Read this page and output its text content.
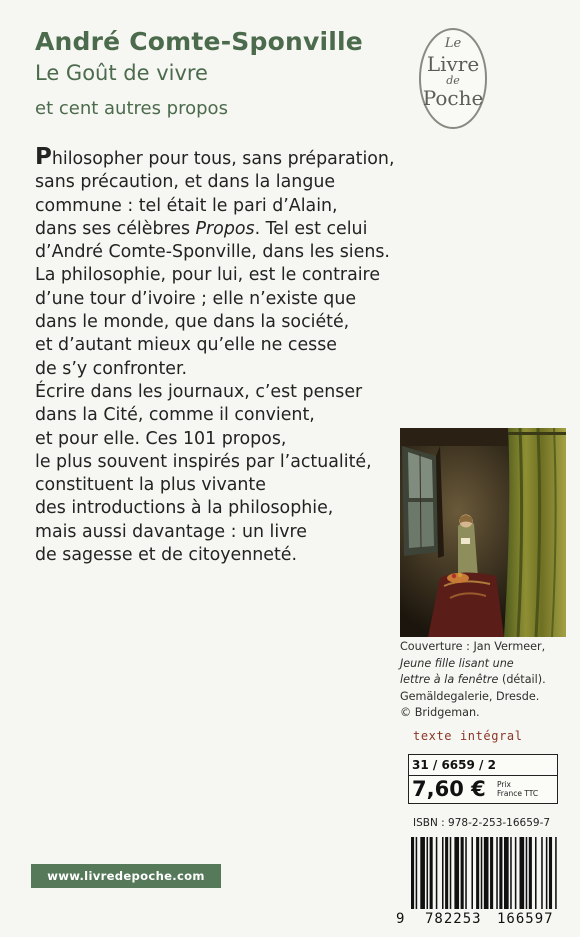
André Comte-Sponville
Le Goût de vivre
et cent autres propos
Le
Livre
de
Poche
Philosopher pour tous, sans préparation,
sans précaution, et dans la langue
commune : tel était le pari d’Alain,
dans ses célèbres Propos. Tel est celui
d’André Comte-Sponville, dans les siens.
La philosophie, pour lui, est le contraire
d’une tour d’ivoire ; elle n’existe que
dans le monde, que dans la société,
et d’autant mieux qu’elle ne cesse
de s’y confronter.
Écrire dans les journaux, c’est penser
dans la Cité, comme il convient,
et pour elle. Ces 101 propos,
le plus souvent inspirés par l’actualité,
constituent la plus vivante
des introductions à la philosophie,
mais aussi davantage : un livre
de sagesse et de citoyenneté.
Couverture : Jan Vermeer,
Jeune fille lisant une
lettre à la fenêtre (détail).
Gemäldegalerie, Dresde.
© Bridgeman.
texte intégral
31 / 6659 / 2
7,60 € Prix
France TTC
ISBN : 978-2-253-16659-7
9 782253 166597
www.livredepoche.com
